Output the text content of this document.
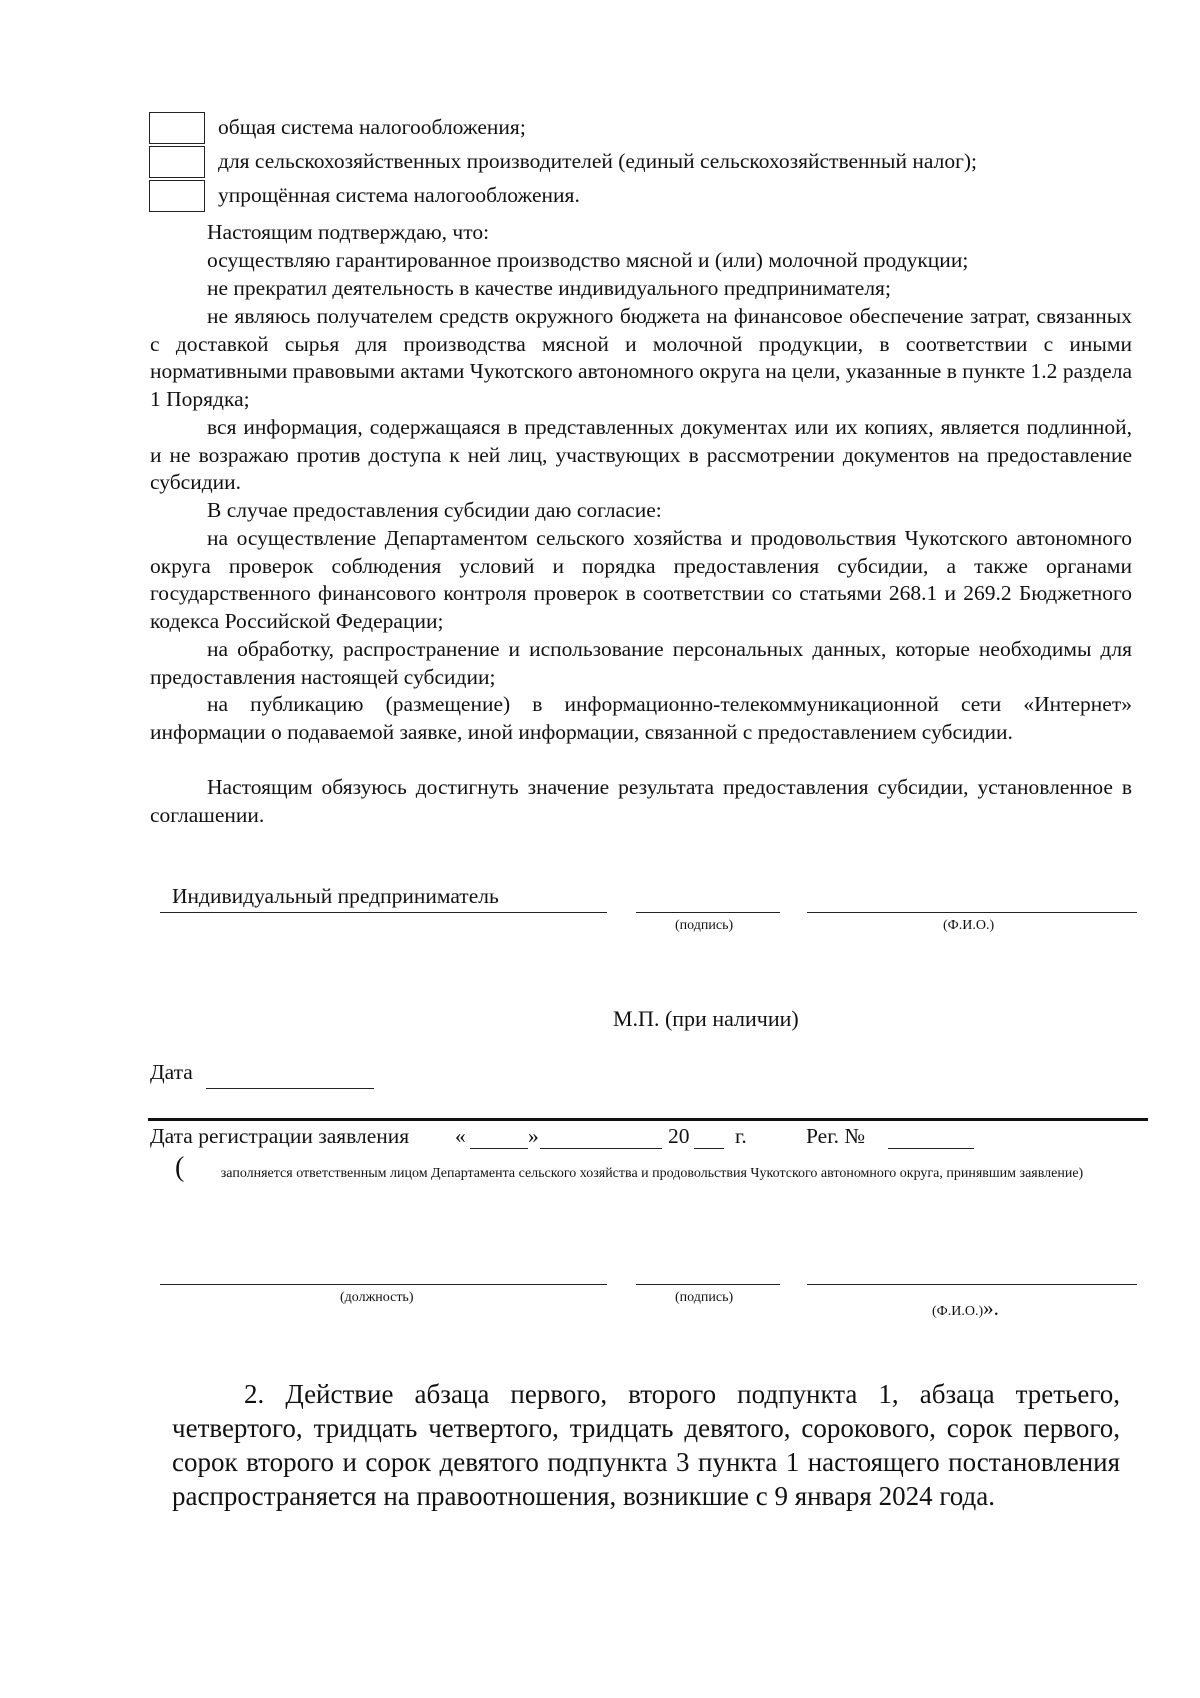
общая система налогообложения;
для сельскохозяйственных производителей (единый сельскохозяйственный налог);
упрощённая система налогообложения.
Настоящим подтверждаю, что:
осуществляю гарантированное производство мясной и (или) молочной продукции;
не прекратил деятельность в качестве индивидуального предпринимателя;
не являюсь получателем средств окружного бюджета на финансовое обеспечение затрат, связанных с доставкой сырья для производства мясной и молочной продукции, в соответствии с иными нормативными правовыми актами Чукотского автономного округа на цели, указанные в пункте 1.2 раздела 1 Порядка;
вся информация, содержащаяся в представленных документах или их копиях, является подлинной, и не возражаю против доступа к ней лиц, участвующих в рассмотрении документов на предоставление субсидии.
В случае предоставления субсидии даю согласие:
на осуществление Департаментом сельского хозяйства и продовольствия Чукотского автономного округа проверок соблюдения условий и порядка предоставления субсидии, а также органами государственного финансового контроля проверок в соответствии со статьями 268.1 и 269.2 Бюджетного кодекса Российской Федерации;
на обработку, распространение и использование персональных данных, которые необходимы для предоставления настоящей субсидии;
на публикацию (размещение) в информационно-телекоммуникационной сети «Интернет» информации о подаваемой заявке, иной информации, связанной с предоставлением субсидии.
Настоящим обязуюсь достигнуть значение результата предоставления субсидии, установленное в соглашении.
Индивидуальный предприниматель
(подпись)	(Ф.И.О.)
М.П. (при наличии)
Дата
Дата регистрации заявления «	»	20 г.	Рег. №
(	заполняется ответственным лицом Департамента сельского хозяйства и продовольствия Чукотского автономного округа, принявшим заявление)
(должность)	(подпись)
(Ф.И.О.)».
2. Действие абзаца первого, второго подпункта 1, абзаца третьего, четвертого, тридцать четвертого, тридцать девятого, сорокового, сорок первого, сорок второго и сорок девятого подпункта 3 пункта 1 настоящего постановления распространяется на правоотношения, возникшие с 9 января 2024 года.
